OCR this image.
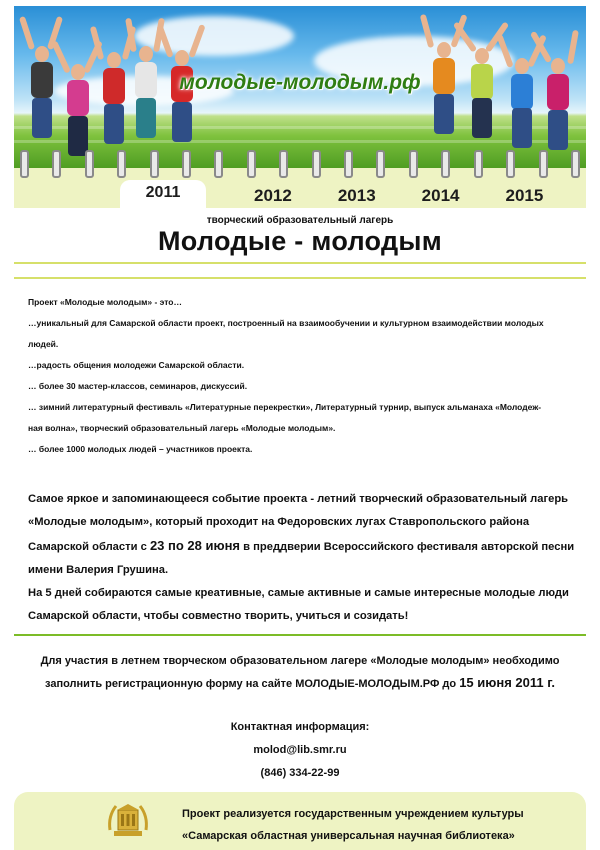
молодые-молодым.рф
2011	2012	2013	2014	2015
творческий образовательный лагерь
Молодые - молодым

Проект «Молодые молодым» - это…

…уникальный для Самарской области проект, построенный на взаимообучении и культурном взаимодействии молодых

людей.

…радость общения молодежи Самарской области.

… более 30 мастер-классов, семинаров, дискуссий.

… зимний литературный фестиваль «Литературные перекрестки», Литературный турнир, выпуск альманаха «Молодеж-

ная волна», творческий образовательный лагерь «Молодые молодым».

… более 1000 молодых людей – участников проекта.

Самое яркое и запоминающееся событие проекта - летний творческий образовательный лагерь

«Молодые молодым», который проходит на Федоровских лугах Ставропольского района

Самарской области с 23 по 28 июня в преддверии Всероссийского фестиваля авторской песни

имени Валерия Грушина.

На 5 дней собираются самые креативные, самые активные и самые интересные молодые люди

Самарской области, чтобы совместно творить, учиться и созидать!

Для участия в летнем творческом образовательном лагере «Молодые молодым» необходимо
заполнить регистрационную форму на сайте МОЛОДЫЕ-МОЛОДЫМ.РФ до 15 июня 2011 г.
Контактная информация:
molod@lib.smr.ru
(846) 334-22-99
Проект реализуется государственным учреждением культуры
«Самарская областная универсальная научная библиотека»
